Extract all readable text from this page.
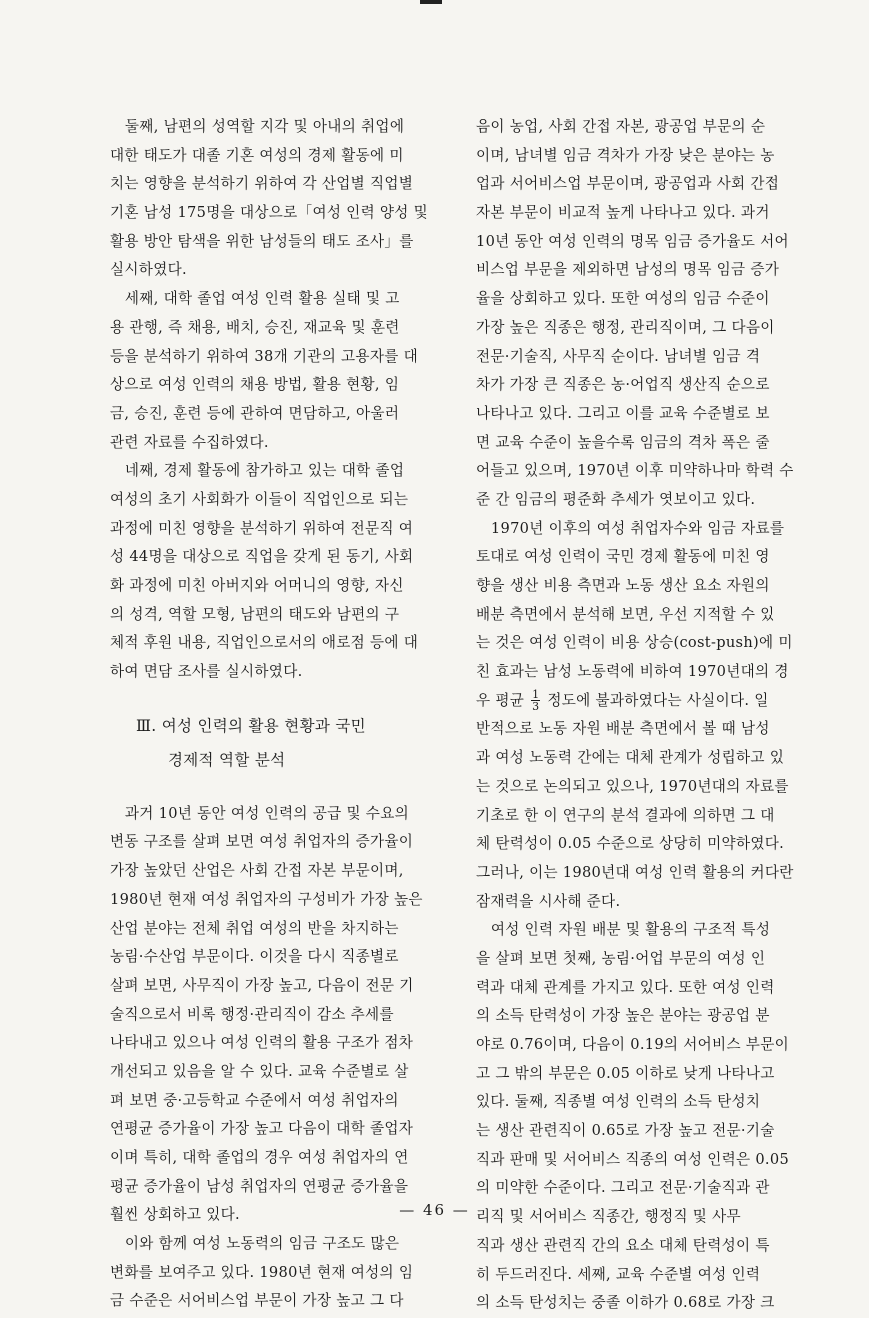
　둘째, 남편의 성역할 지각 및 아내의 취업에
대한 태도가 대졸 기혼 여성의 경제 활동에 미
치는 영향을 분석하기 위하여 각 산업별 직업별
기혼 남성 175명을 대상으로「여성 인력 양성 및
활용 방안 탐색을 위한 남성들의 태도 조사」를
실시하였다.
　세째, 대학 졸업 여성 인력 활용 실태 및 고
용 관행, 즉 채용, 배치, 승진, 재교육 및 훈련
등을 분석하기 위하여 38개 기관의 고용자를 대
상으로 여성 인력의 채용 방법, 활용 현황, 임
금, 승진, 훈련 등에 관하여 면담하고, 아울러
관련 자료를 수집하였다.
　네째, 경제 활동에 참가하고 있는 대학 졸업
여성의 초기 사회화가 이들이 직업인으로 되는
과정에 미친 영향을 분석하기 위하여 전문직 여
성 44명을 대상으로 직업을 갖게 된 동기, 사회
화 과정에 미친 아버지와 어머니의 영향, 자신
의 성격, 역할 모형, 남편의 태도와 남편의 구
체적 후원 내용, 직업인으로서의 애로점 등에 대
하여 면담 조사를 실시하였다.
Ⅲ. 여성 인력의 활용 현황과 국민
경제적 역할 분석
　과거 10년 동안 여성 인력의 공급 및 수요의
변동 구조를 살펴 보면 여성 취업자의 증가율이
가장 높았던 산업은 사회 간접 자본 부문이며,
1980년 현재 여성 취업자의 구성비가 가장 높은
산업 분야는 전체 취업 여성의 반을 차지하는
농림·수산업 부문이다. 이것을 다시 직종별로
살펴 보면, 사무직이 가장 높고, 다음이 전문 기
술직으로서 비록 행정·관리직이 감소 추세를
나타내고 있으나 여성 인력의 활용 구조가 점차
개선되고 있음을 알 수 있다. 교육 수준별로 살
펴 보면 중·고등학교 수준에서 여성 취업자의
연평균 증가율이 가장 높고 다음이 대학 졸업자
이며 특히, 대학 졸업의 경우 여성 취업자의 연
평균 증가율이 남성 취업자의 연평균 증가율을
훨씬 상회하고 있다.
　이와 함께 여성 노동력의 임금 구조도 많은
변화를 보여주고 있다. 1980년 현재 여성의 임
금 수준은 서어비스업 부문이 가장 높고 그 다
음이 농업, 사회 간접 자본, 광공업 부문의 순
이며, 남녀별 임금 격차가 가장 낮은 분야는 농
업과 서어비스업 부문이며, 광공업과 사회 간접
자본 부문이 비교적 높게 나타나고 있다. 과거
10년 동안 여성 인력의 명목 임금 증가율도 서어
비스업 부문을 제외하면 남성의 명목 임금 증가
율을 상회하고 있다. 또한 여성의 임금 수준이
가장 높은 직종은 행정, 관리직이며, 그 다음이
전문·기술직, 사무직 순이다. 남녀별 임금 격
차가 가장 큰 직종은 농·어업직 생산직 순으로
나타나고 있다. 그리고 이를 교육 수준별로 보
면 교육 수준이 높을수록 임금의 격차 폭은 줄
어들고 있으며, 1970년 이후 미약하나마 학력 수
준 간 임금의 평준화 추세가 엿보이고 있다.
　1970년 이후의 여성 취업자수와 임금 자료를
토대로 여성 인력이 국민 경제 활동에 미친 영
향을 생산 비용 측면과 노동 생산 요소 자원의
배분 측면에서 분석해 보면, 우선 지적할 수 있
는 것은 여성 인력이 비용 상승(cost-push)에 미
친 효과는 남성 노동력에 비하여 1970년대의 경
우 평균 $\frac{1}{3}$ 정도에 불과하였다는 사실이다. 일
반적으로 노동 자원 배분 측면에서 볼 때 남성
과 여성 노동력 간에는 대체 관계가 성립하고 있
는 것으로 논의되고 있으나, 1970년대의 자료를
기초로 한 이 연구의 분석 결과에 의하면 그 대
체 탄력성이 0.05 수준으로 상당히 미약하였다.
그러나, 이는 1980년대 여성 인력 활용의 커다란
잠재력을 시사해 준다.
　여성 인력 자원 배분 및 활용의 구조적 특성
을 살펴 보면 첫째, 농림·어업 부문의 여성 인
력과 대체 관계를 가지고 있다. 또한 여성 인력
의 소득 탄력성이 가장 높은 분야는 광공업 분
야로 0.76이며, 다음이 0.19의 서어비스 부문이
고 그 밖의 부문은 0.05 이하로 낮게 나타나고
있다. 둘째, 직종별 여성 인력의 소득 탄성치
는 생산 관련직이 0.65로 가장 높고 전문·기술
직과 판매 및 서어비스 직종의 여성 인력은 0.05
의 미약한 수준이다. 그리고 전문·기술직과 관
리직 및 서어비스 직종간, 행정직 및 사무
직과 생산 관련직 간의 요소 대체 탄력성이 특
히 두드러진다. 세째, 교육 수준별 여성 인력
의 소득 탄성치는 중졸 이하가 0.68로 가장 크
— 46 —
